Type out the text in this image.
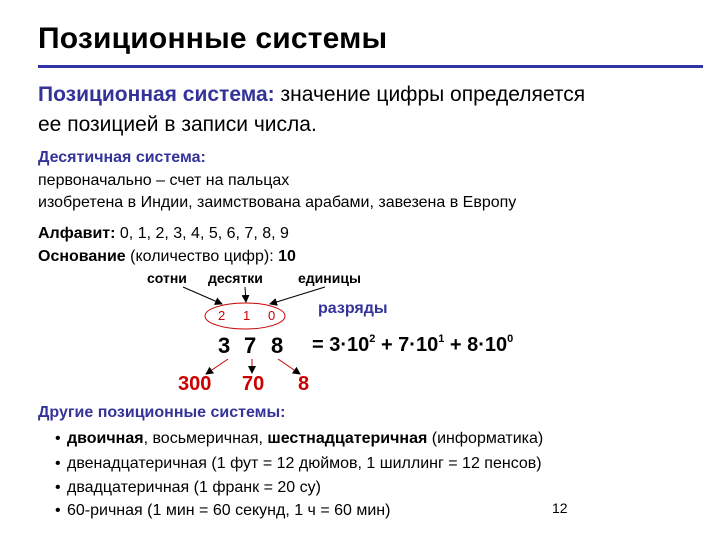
Позиционные системы
Позиционная система: значение цифры определяется
ее позицией в записи числа.
Десятичная система:
первоначально – счет на пальцах
изобретена в Индии, заимствована арабами, завезена в Европу
Алфавит: 0, 1, 2, 3, 4, 5, 6, 7, 8, 9
Основание (количество цифр): 10
сотни десятки	единицы
2 1 0	разряды
3 7 $8 = 3\cdot 10^2 + 7\cdot 10^1 + 8\cdot 10^0$
300 70 8
Другие позиционные системы:
• двоичная, восьмеричная, шестнадцатеричная (информатика)
• двенадцатеричная (1 фут = 12 дюймов, 1 шиллинг = 12 пенсов)
• двадцатеричная (1 франк = 20 су)
• 60-ричная (1 мин = 60 секунд, 1 ч = 60 мин)	12
